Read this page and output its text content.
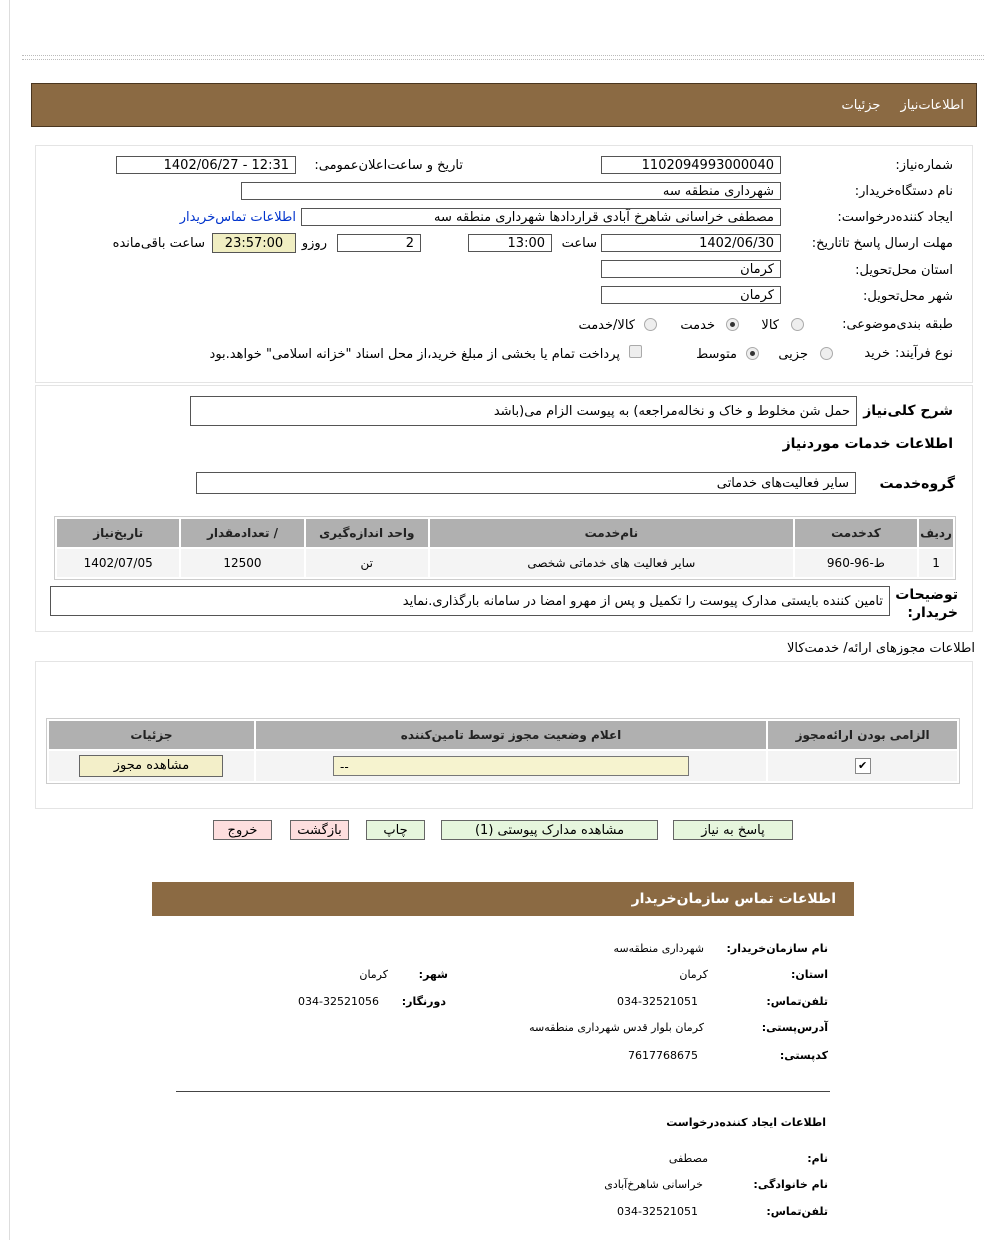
اطلاعات‌نیاز جزئیات
شماره‌نیاز:
1102094993000040
تاریخ و ساعت‌اعلان‌عمومی:
1402/06/27 - 12:31
نام دستگاه‌خریدار:
شهرداری منطقه سه
ایجاد کننده‌درخواست:
مصطفی خراسانی شاهرخ آبادی قراردادها شهرداری منطقه سه
اطلاعات تماس‌خریدار
مهلت ارسال پاسخ تا‌تاریخ:
1402/06/30
ساعت
13:00
2
روزو
23:57:00
ساعت باقی‌مانده
استان محل‌تحویل:
کرمان
شهر محل‌تحویل:
کرمان
طبقه بندی‌موضوعی:
کالا
خدمت
کالا/خدمت
نوع فرآیند:
خرید
جزیی
متوسط
پرداخت تمام یا بخشی از مبلغ خرید،از محل اسناد "خزانه اسلامی" خواهد.بود
شرح کلی‌نیاز
حمل شن مخلوط و خاک و نخاله‌مراجعه) به پیوست الزام می‌(باشد
اطلاعات خدمات موردنیاز
گروه‌خدمت
سایر فعالیت‌های خدماتی
ردیف	کدخدمت	نام‌خدمت	واحد اندازه‌گیری	/ تعدادمقدار	تاریخ‌نیاز
1	ط-96-960	سایر فعالیت های خدماتی شخصی	تن	12500	1402/07/05
توضیحات خریدار:
تامین کننده بایستی مدارک پیوست را تکمیل و پس از مهرو امضا در سامانه بارگذاری.نماید
اطلاعات مجوزهای ارائه/ خدمت‌کالا
الزامی بودن ارائه‌مجوز	اعلام وضعیت مجوز توسط تامین‌کننده	جزئیات
✔	--	مشاهده مجوز
پاسخ به نیاز
مشاهده مدارک پیوستی (1)
چاپ
بازگشت
خروج
اطلاعات تماس سازمان‌خریدار
نام سازمان‌خریدار:
شهرداری منطقه‌سه
استان:
کرمان
شهر:
کرمان
تلفن‌تماس:
034-32521051
دورنگار:
034-32521056
آدرس‌پستی:
کرمان بلوار قدس شهرداری منطقه‌سه
کدپستی:
7617768675
اطلاعات ایجاد کننده‌درخواست
نام:
مصطفی
نام خانوادگی:
خراسانی شاهرخ‌آبادی
تلفن‌تماس:
034-32521051
